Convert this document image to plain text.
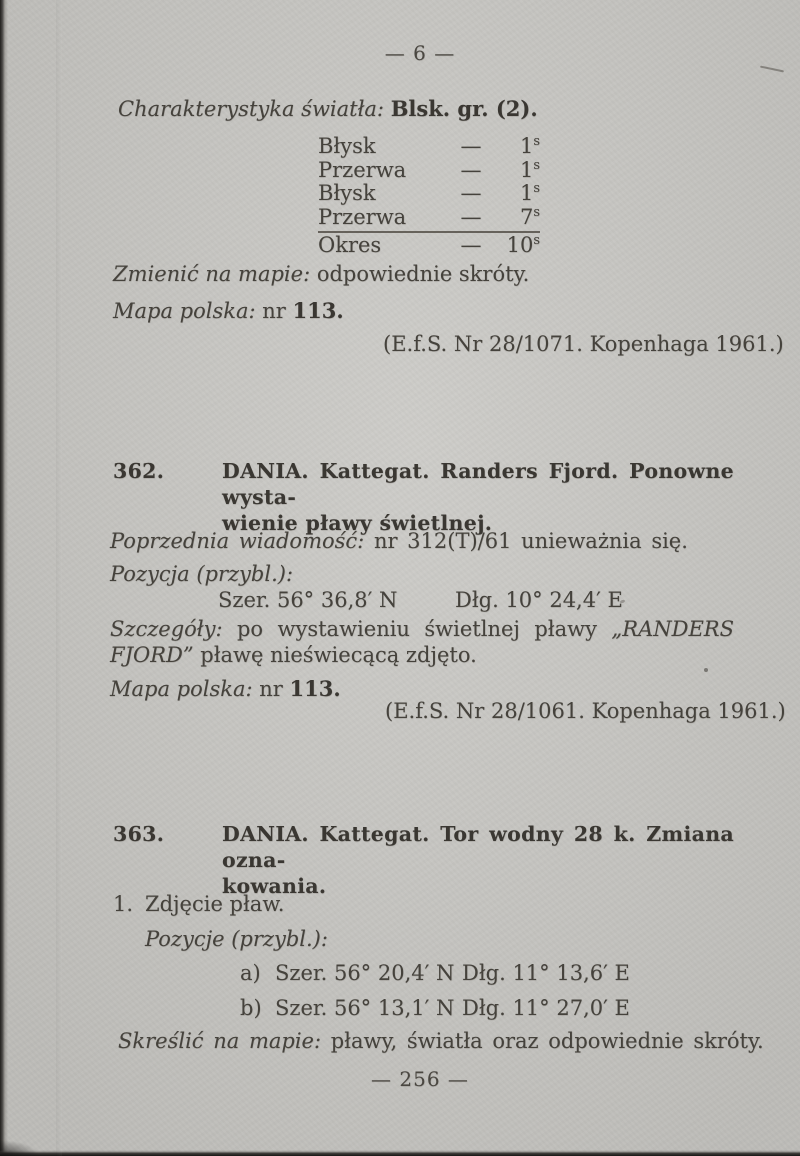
— 6 —
Charakterystyka światła: Blsk. gr. (2).
Błysk	—	1$^s$
Przerwa	—	1$^s$
Błysk	—	1$^s$
Przerwa	—	7$^s$
Okres	—	10$^s$
Zmienić na mapie: odpowiednie skróty.
Mapa polska: nr 113.
(E.f.S. Nr 28/1071. Kopenhaga 1961.)
362.	DANIA. Kattegat. Randers Fjord. Ponowne wysta-
wienie pławy świetlnej.
Poprzednia wiadomość: nr 312(T)/61 unieważnia się.
Pozycja (przybl.):
Szer. 56° 36,8′ N	Dłg. 10° 24,4′ E
Szczegóły: po wystawieniu świetlnej pławy „RANDERS
FJORD” pławę nieświecącą zdjęto.
Mapa polska: nr 113.
(E.f.S. Nr 28/1061. Kopenhaga 1961.)
363.	DANIA. Kattegat. Tor wodny 28 k. Zmiana ozna-
kowania.
1. Zdjęcie pław.
Pozycje (przybl.):
a) Szer. 56° 20,4′ N Dłg. 11° 13,6′ E
b) Szer. 56° 13,1′ N Dłg. 11° 27,0′ E
Skreślić na mapie: pławy, światła oraz odpowiednie skróty.
— 256 —
